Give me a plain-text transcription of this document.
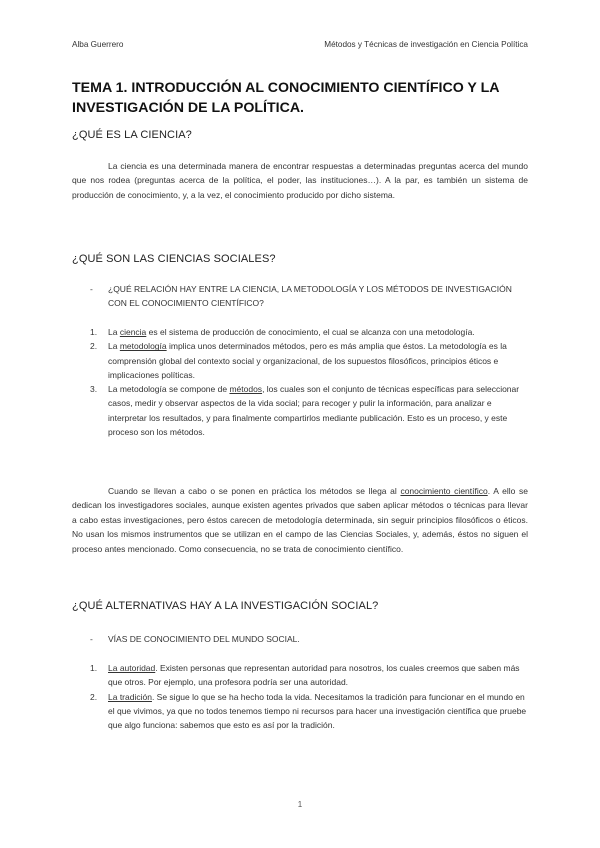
Alba Guerrero	Métodos y Técnicas de investigación en Ciencia Política
TEMA 1. INTRODUCCIÓN AL CONOCIMIENTO CIENTÍFICO Y LA INVESTIGACIÓN DE LA POLÍTICA.
¿QUÉ ES LA CIENCIA?

La ciencia es una determinada manera de encontrar respuestas a determinadas preguntas acerca del mundo que nos rodea (preguntas acerca de la política, el poder, las instituciones…). A la par, es también un sistema de producción de conocimiento, y, a la vez, el conocimiento producido por dicho sistema.

¿QUÉ SON LAS CIENCIAS SOCIALES?
-	¿QUÉ RELACIÓN HAY ENTRE LA CIENCIA, LA METODOLOGÍA Y LOS MÉTODOS DE INVESTIGACIÓN CON EL CONOCIMIENTO CIENTÍFICO?
1. La ciencia es el sistema de producción de conocimiento, el cual se alcanza con una metodología.
2. La metodología implica unos determinados métodos, pero es más amplia que éstos. La metodología es la comprensión global del contexto social y organizacional, de los supuestos filosóficos, principios éticos e implicaciones políticas.
3. La metodología se compone de métodos, los cuales son el conjunto de técnicas específicas para seleccionar casos, medir y observar aspectos de la vida social; para recoger y pulir la información, para analizar e interpretar los resultados, y para finalmente compartirlos mediante publicación. Esto es un proceso, y este proceso son los métodos.

Cuando se llevan a cabo o se ponen en práctica los métodos se llega al conocimiento científico. A ello se dedican los investigadores sociales, aunque existen agentes privados que saben aplicar métodos o técnicas para llevar a cabo estas investigaciones, pero éstos carecen de metodología determinada, sin seguir principios filosóficos o éticos. No usan los mismos instrumentos que se utilizan en el campo de las Ciencias Sociales, y, además, éstos no siguen el proceso antes mencionado. Como consecuencia, no se trata de conocimiento científico.

¿QUÉ ALTERNATIVAS HAY A LA INVESTIGACIÓN SOCIAL?
-	VÍAS DE CONOCIMIENTO DEL MUNDO SOCIAL.
1. La autoridad. Existen personas que representan autoridad para nosotros, los cuales creemos que saben más que otros. Por ejemplo, una profesora podría ser una autoridad.
2. La tradición. Se sigue lo que se ha hecho toda la vida. Necesitamos la tradición para funcionar en el mundo en el que vivimos, ya que no todos tenemos tiempo ni recursos para hacer una investigación científica que pruebe que algo funciona: sabemos que esto es así por la tradición.
1
